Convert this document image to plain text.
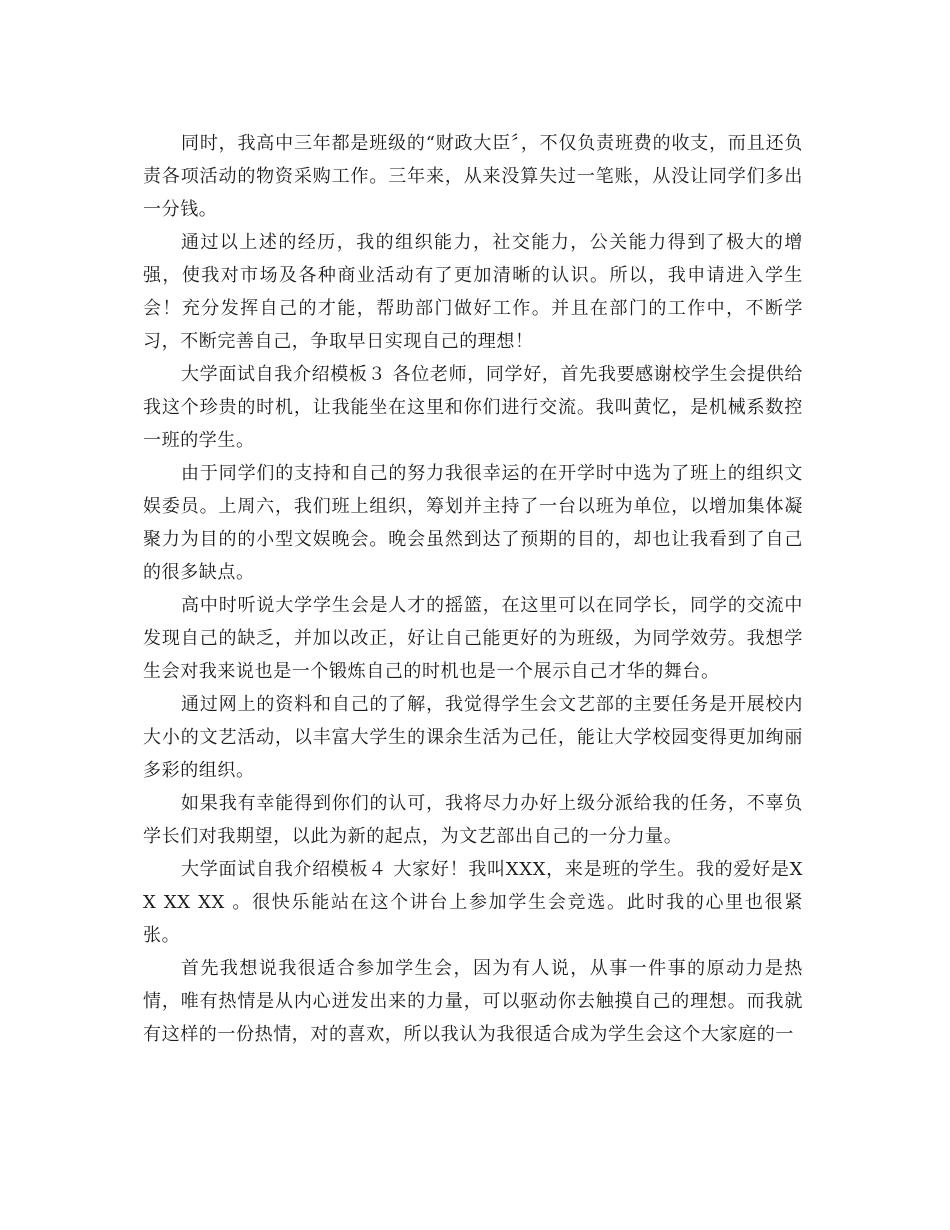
同时，我高中三年都是班级的“财政大臣〞，不仅负责班费的收支，而且还负责各项活动的物资采购工作。三年来，从来没算失过一笔账，从没让同学们多出一分钱。

通过以上述的经历，我的组织能力，社交能力，公关能力得到了极大的增强，使我对市场及各种商业活动有了更加清晰的认识。所以，我申请进入学生会！充分发挥自己的才能，帮助部门做好工作。并且在部门的工作中，不断学习，不断完善自己，争取早日实现自己的理想！

大学面试自我介绍模板３ 各位老师，同学好，首先我要感谢校学生会提供给我这个珍贵的时机，让我能坐在这里和你们进行交流。我叫黄忆，是机械系数控一班的学生。

由于同学们的支持和自己的努力我很幸运的在开学时中选为了班上的组织文娱委员。上周六，我们班上组织，筹划并主持了一台以班为单位，以增加集体凝聚力为目的的小型文娱晚会。晚会虽然到达了预期的目的，却也让我看到了自己的很多缺点。

高中时听说大学学生会是人才的摇篮，在这里可以在同学长，同学的交流中发现自己的缺乏，并加以改正，好让自己能更好的为班级，为同学效劳。我想学生会对我来说也是一个锻炼自己的时机也是一个展示自己才华的舞台。

通过网上的资料和自己的了解，我觉得学生会文艺部的主要任务是开展校内大小的文艺活动，以丰富大学生的课余生活为己任，能让大学校园变得更加绚丽多彩的组织。

如果我有幸能得到你们的认可，我将尽力办好上级分派给我的任务，不辜负学长们对我期望，以此为新的起点，为文艺部出自己的一分力量。

大学面试自我介绍模板４ 大家好！我叫XXX，来是班的学生。我的爱好是XX XX XX 。很快乐能站在这个讲台上参加学生会竞选。此时我的心里也很紧张。

首先我想说我很适合参加学生会，因为有人说，从事一件事的原动力是热情，唯有热情是从内心迸发出来的力量，可以驱动你去触摸自己的理想。而我就有这样的一份热情，对的喜欢，所以我认为我很适合成为学生会这个大家庭的一
